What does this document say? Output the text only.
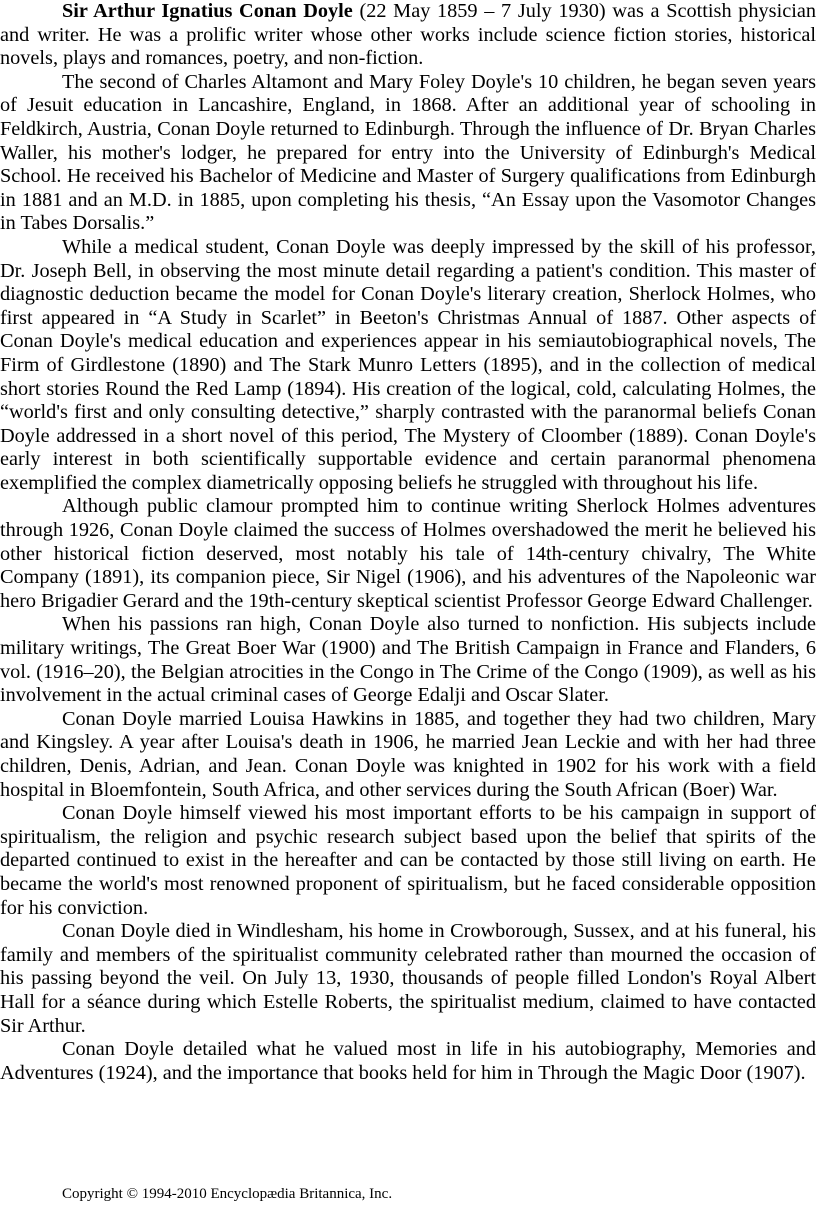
Sir Arthur Ignatius Conan Doyle (22 May 1859 – 7 July 1930) was a Scottish physician and writer. He was a prolific writer whose other works include science fiction stories, historical novels, plays and romances, poetry, and non-fiction.

The second of Charles Altamont and Mary Foley Doyle's 10 children, he began seven years of Jesuit education in Lancashire, England, in 1868. After an additional year of schooling in Feldkirch, Austria, Conan Doyle returned to Edinburgh. Through the influence of Dr. Bryan Charles Waller, his mother's lodger, he prepared for entry into the University of Edinburgh's Medical School. He received his Bachelor of Medicine and Master of Surgery qualifications from Edinburgh in 1881 and an M.D. in 1885, upon completing his thesis, “An Essay upon the Vasomotor Changes in Tabes Dorsalis.”

While a medical student, Conan Doyle was deeply impressed by the skill of his professor, Dr. Joseph Bell, in observing the most minute detail regarding a patient's condition. This master of diagnostic deduction became the model for Conan Doyle's literary creation, Sherlock Holmes, who first appeared in “A Study in Scarlet” in Beeton's Christmas Annual of 1887. Other aspects of Conan Doyle's medical education and experiences appear in his semiautobiographical novels, The Firm of Girdlestone (1890) and The Stark Munro Letters (1895), and in the collection of medical short stories Round the Red Lamp (1894). His creation of the logical, cold, calculating Holmes, the “world's first and only consulting detective,” sharply contrasted with the paranormal beliefs Conan Doyle addressed in a short novel of this period, The Mystery of Cloomber (1889). Conan Doyle's early interest in both scientifically supportable evidence and certain paranormal phenomena exemplified the complex diametrically opposing beliefs he struggled with throughout his life.

Although public clamour prompted him to continue writing Sherlock Holmes adventures through 1926, Conan Doyle claimed the success of Holmes overshadowed the merit he believed his other historical fiction deserved, most notably his tale of 14th-century chivalry, The White Company (1891), its companion piece, Sir Nigel (1906), and his adventures of the Napoleonic war hero Brigadier Gerard and the 19th-century skeptical scientist Professor George Edward Challenger.

When his passions ran high, Conan Doyle also turned to nonfiction. His subjects include military writings, The Great Boer War (1900) and The British Campaign in France and Flanders, 6 vol. (1916–20), the Belgian atrocities in the Congo in The Crime of the Congo (1909), as well as his involvement in the actual criminal cases of George Edalji and Oscar Slater.

Conan Doyle married Louisa Hawkins in 1885, and together they had two children, Mary and Kingsley. A year after Louisa's death in 1906, he married Jean Leckie and with her had three children, Denis, Adrian, and Jean. Conan Doyle was knighted in 1902 for his work with a field hospital in Bloemfontein, South Africa, and other services during the South African (Boer) War.

Conan Doyle himself viewed his most important efforts to be his campaign in support of spiritualism, the religion and psychic research subject based upon the belief that spirits of the departed continued to exist in the hereafter and can be contacted by those still living on earth. He became the world's most renowned proponent of spiritualism, but he faced considerable opposition for his conviction.

Conan Doyle died in Windlesham, his home in Crowborough, Sussex, and at his funeral, his family and members of the spiritualist community celebrated rather than mourned the occasion of his passing beyond the veil. On July 13, 1930, thousands of people filled London's Royal Albert Hall for a séance during which Estelle Roberts, the spiritualist medium, claimed to have contacted Sir Arthur.

Conan Doyle detailed what he valued most in life in his autobiography, Memories and Adventures (1924), and the importance that books held for him in Through the Magic Door (1907).

Copyright © 1994-2010 Encyclopædia Britannica, Inc.
